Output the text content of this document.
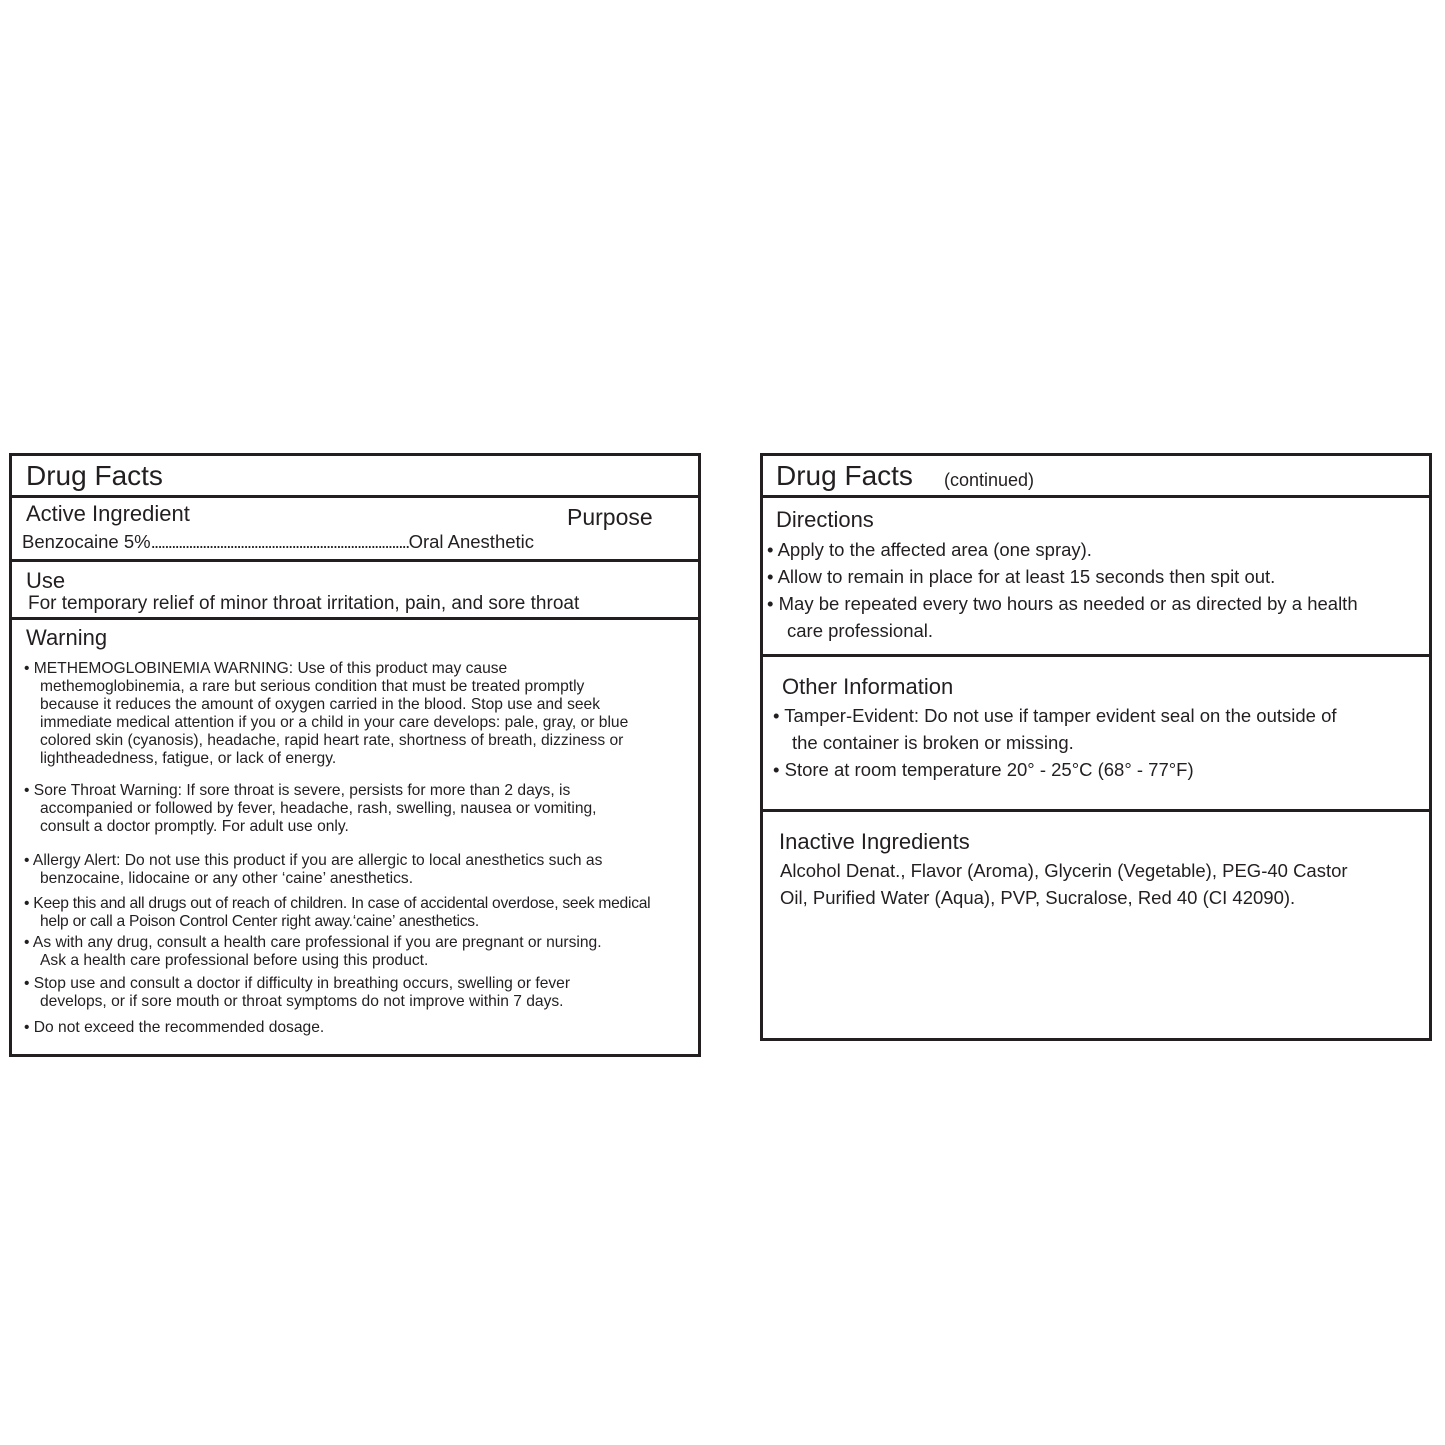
Drug Facts
Active Ingredient	Purpose
Benzocaine 5%...........................................................................Oral Anesthetic
Use
For temporary relief of minor throat irritation, pain, and sore throat
Warning
• METHEMOGLOBINEMIA WARNING: Use of this product may cause
methemoglobinemia, a rare but serious condition that must be treated promptly
because it reduces the amount of oxygen carried in the blood. Stop use and seek
immediate medical attention if you or a child in your care develops: pale, gray, or blue
colored skin (cyanosis), headache, rapid heart rate, shortness of breath, dizziness or
lightheadedness, fatigue, or lack of energy.
• Sore Throat Warning: If sore throat is severe, persists for more than 2 days, is
accompanied or followed by fever, headache, rash, swelling, nausea or vomiting,
consult a doctor promptly. For adult use only.
• Allergy Alert: Do not use this product if you are allergic to local anesthetics such as
benzocaine, lidocaine or any other ‘caine’ anesthetics.
• Keep this and all drugs out of reach of children. In case of accidental overdose, seek medical
help or call a Poison Control Center right away.‘caine’ anesthetics.
• As with any drug, consult a health care professional if you are pregnant or nursing.
Ask a health care professional before using this product.
• Stop use and consult a doctor if difficulty in breathing occurs, swelling or fever
develops, or if sore mouth or throat symptoms do not improve within 7 days.
• Do not exceed the recommended dosage.
Drug Facts (continued)
Directions

• Apply to the affected area (one spray).

• Allow to remain in place for at least 15 seconds then spit out.

• May be repeated every two hours as needed or as directed by a health

care professional.

Other Information

• Tamper-Evident: Do not use if tamper evident seal on the outside of

the container is broken or missing.

• Store at room temperature 20° - 25°C (68° - 77°F)

Inactive Ingredients

Alcohol Denat., Flavor (Aroma), Glycerin (Vegetable), PEG-40 Castor

Oil, Purified Water (Aqua), PVP, Sucralose, Red 40 (CI 42090).
